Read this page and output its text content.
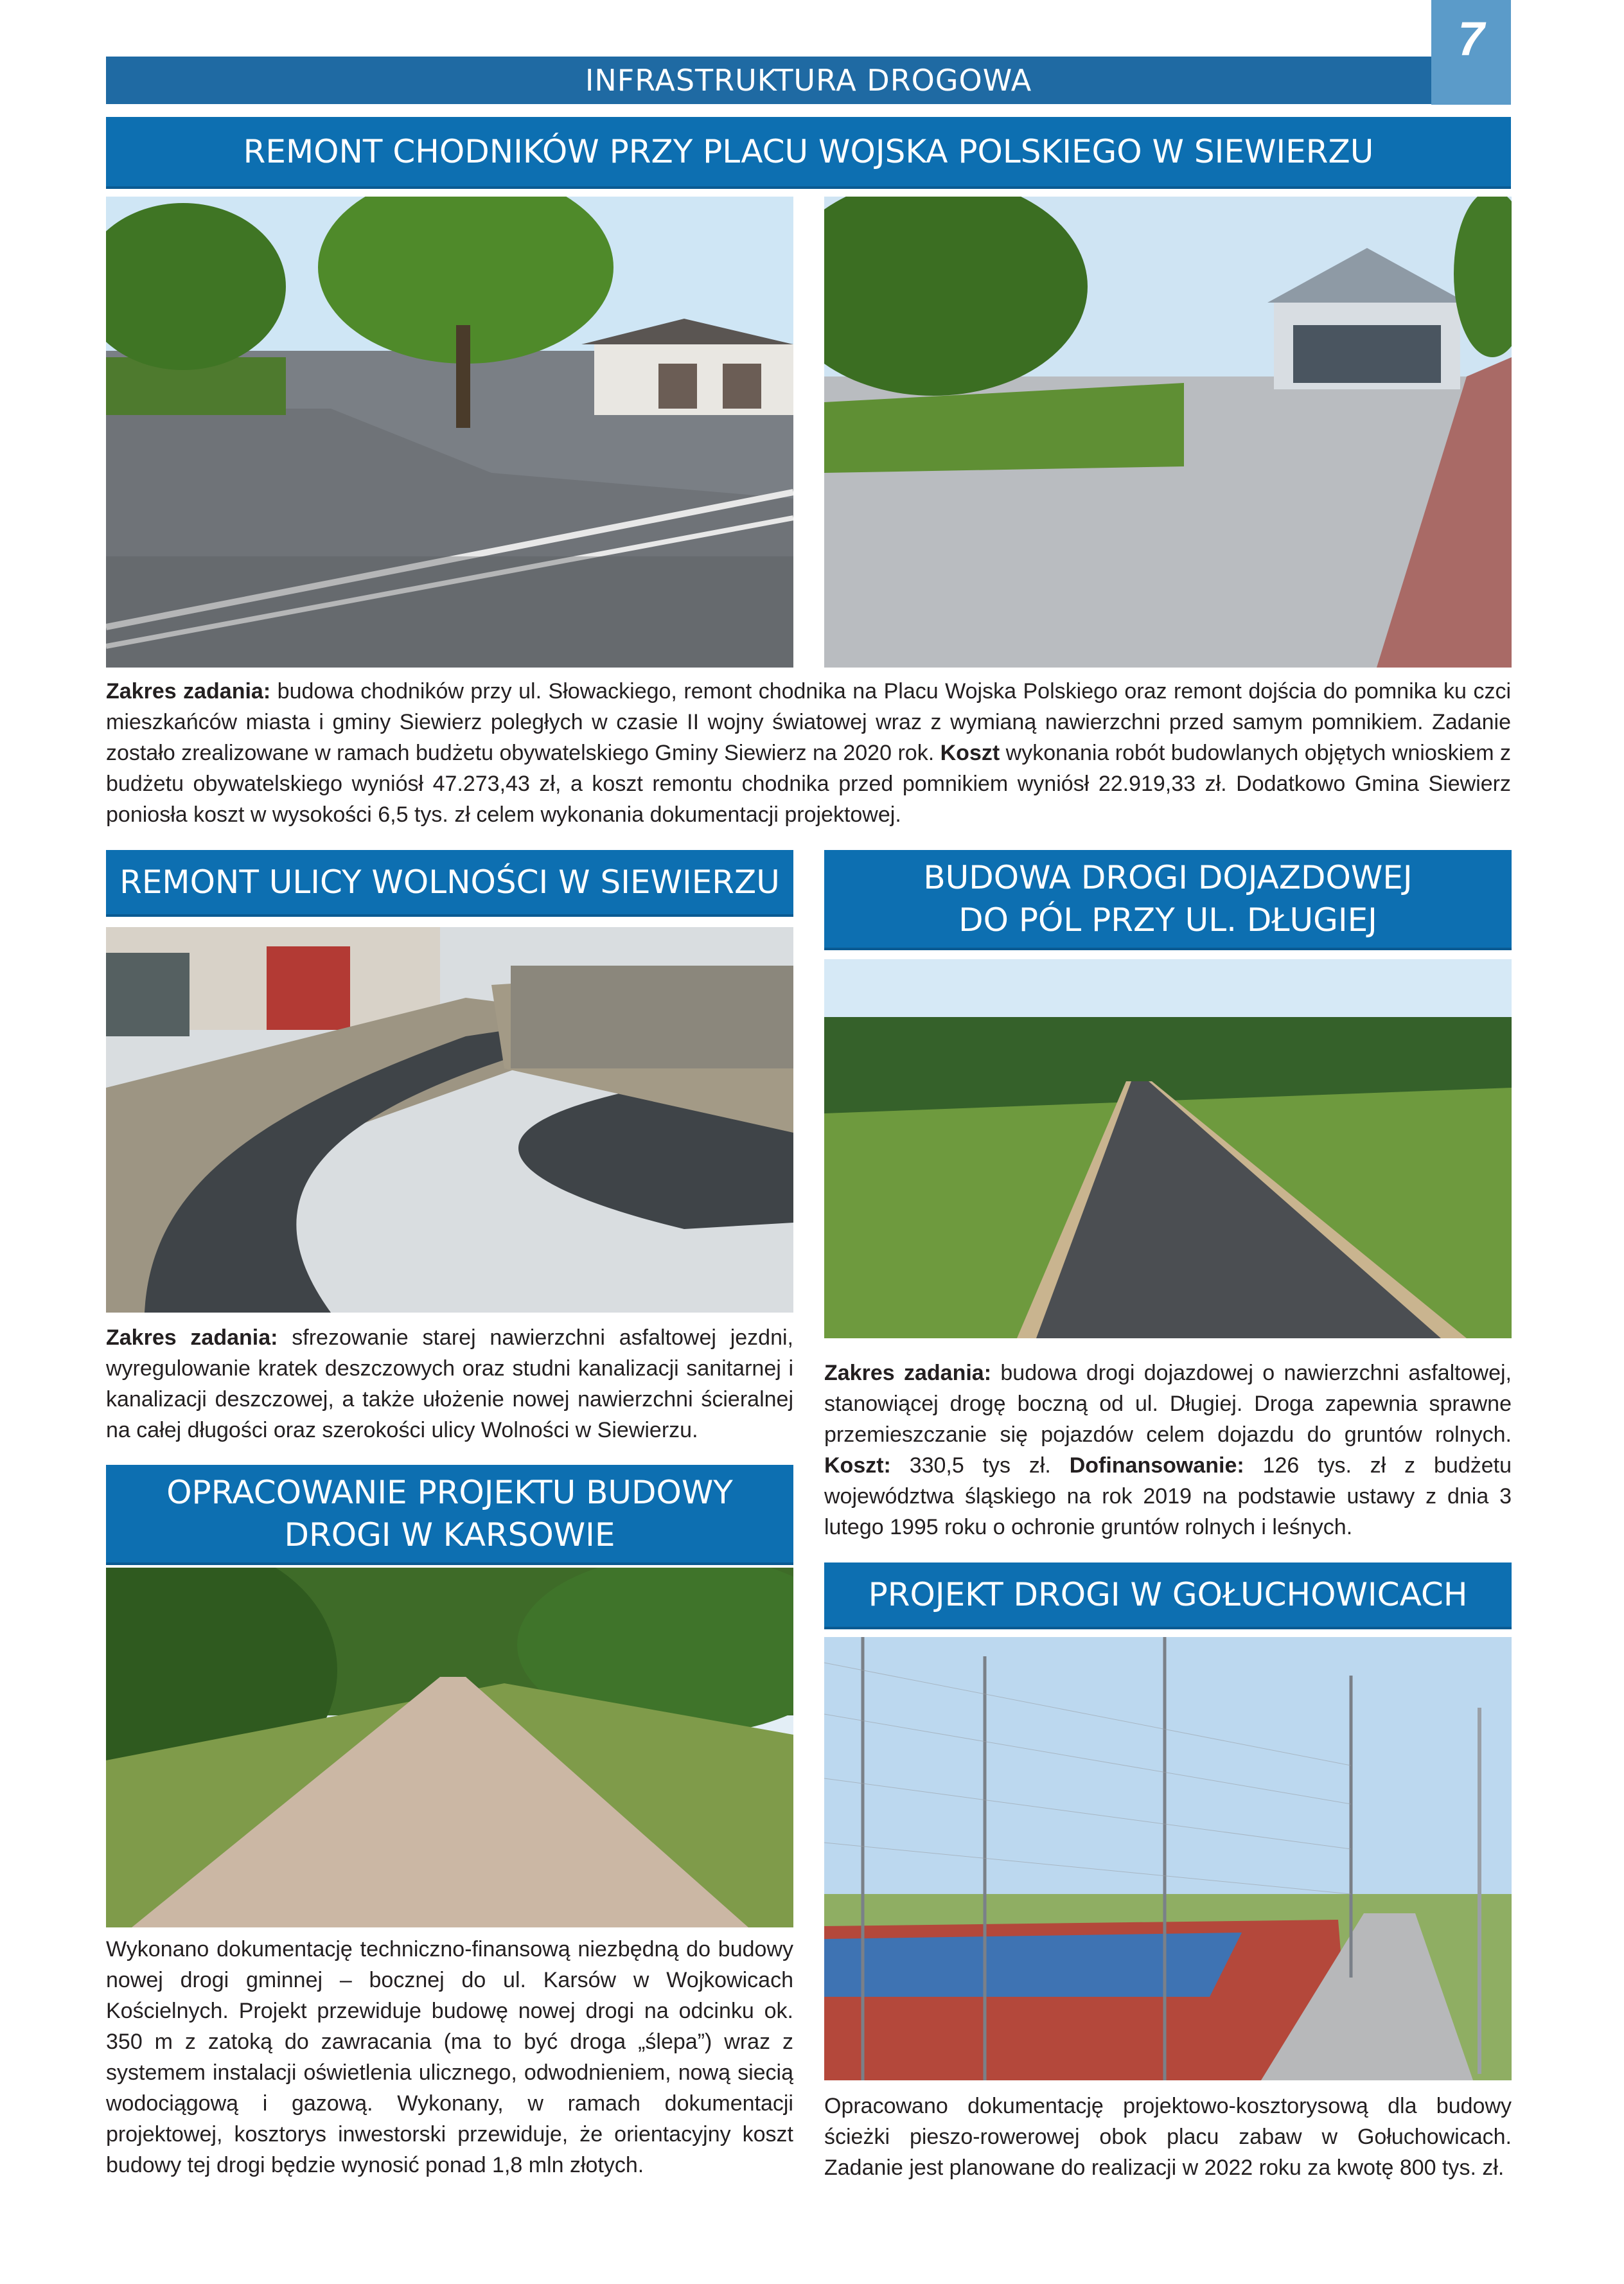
INFRASTRUKTURA DROGOWA
7
REMONT CHODNIKÓW PRZY PLACU WOJSKA POLSKIEGO W SIEWIERZU
Zakres zadania: budowa chodników przy ul. Słowackiego, remont chodnika na Placu Wojska Polskiego oraz remont dojścia do pomnika ku czci mieszkańców miasta i gminy Siewierz poległych w czasie II wojny światowej wraz z wymianą nawierzchni przed samym pomnikiem. Zadanie zostało zrealizowane w ramach budżetu obywatelskiego Gminy Siewierz na 2020 rok. Koszt wykonania robót budowlanych objętych wnioskiem z budżetu obywatelskiego wyniósł 47.273,43 zł, a koszt remontu chodnika przed pomnikiem wyniósł 22.919,33 zł. Dodatkowo Gmina Siewierz poniosła koszt w wysokości 6,5 tys. zł celem wykonania dokumentacji projektowej.
REMONT ULICY WOLNOŚCI W SIEWIERZU
Zakres zadania: sfrezowanie starej nawierzchni asfaltowej jezdni, wyregulowanie kratek deszczowych oraz studni kanalizacji sanitarnej i kanalizacji deszczowej, a także ułożenie nowej nawierzchni ścieralnej na całej długości oraz szerokości ulicy Wolności w Siewierzu.
BUDOWA DROGI DOJAZDOWEJ
DO PÓL PRZY UL. DŁUGIEJ
Zakres zadania: budowa drogi dojazdowej o nawierzchni asfaltowej, stanowiącej drogę boczną od ul. Długiej. Droga zapewnia sprawne przemieszczanie się pojazdów celem dojazdu do gruntów rolnych. Koszt: 330,5 tys zł. Dofinansowanie: 126 tys. zł z budżetu województwa śląskiego na rok 2019 na podstawie ustawy z dnia 3 lutego 1995 roku o ochronie gruntów rolnych i leśnych.
OPRACOWANIE PROJEKTU BUDOWY
DROGI W KARSOWIE
Wykonano dokumentację techniczno-finansową niezbędną do budowy nowej drogi gminnej – bocznej do ul. Karsów w Wojkowicach Kościelnych. Projekt przewiduje budowę nowej drogi na odcinku ok. 350 m z zatoką do zawracania (ma to być droga „ślepa”) wraz z systemem instalacji oświetlenia ulicznego, odwodnieniem, nową siecią wodociągową i gazową. Wykonany, w ramach dokumentacji projektowej, kosztorys inwestorski przewiduje, że orientacyjny koszt budowy tej drogi będzie wynosić ponad 1,8 mln złotych.
PROJEKT DROGI W GOŁUCHOWICACH
Opracowano dokumentację projektowo-kosztorysową dla budowy ścieżki pieszo-rowerowej obok placu zabaw w Gołuchowicach. Zadanie jest planowane do realizacji w 2022 roku za kwotę 800 tys. zł.
